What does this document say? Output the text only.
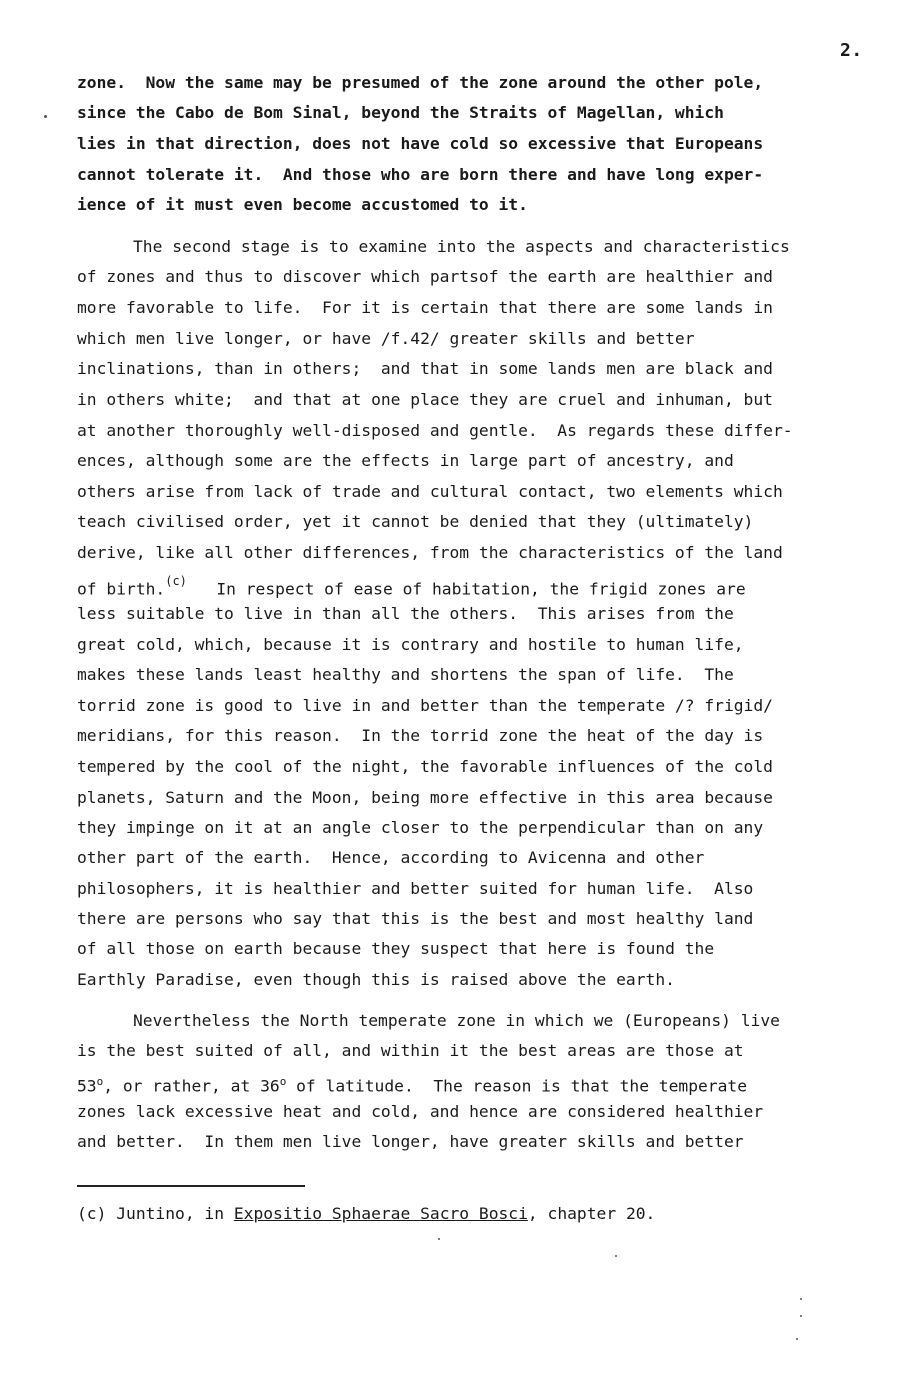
2.
zone.  Now the same may be presumed of the zone around the other pole,
since the Cabo de Bom Sinal, beyond the Straits of Magellan, which
lies in that direction, does not have cold so excessive that Europeans
cannot tolerate it.  And those who are born there and have long exper-
ience of it must even become accustomed to it.
The second stage is to examine into the aspects and characteristics
of zones and thus to discover which partsof the earth are healthier and
more favorable to life.  For it is certain that there are some lands in
which men live longer, or have /f.42/ greater skills and better
inclinations, than in others;  and that in some lands men are black and
in others white;  and that at one place they are cruel and inhuman, but
at another thoroughly well-disposed and gentle.  As regards these differ-
ences, although some are the effects in large part of ancestry, and
others arise from lack of trade and cultural contact, two elements which
teach civilised order, yet it cannot be denied that they (ultimately)
derive, like all other differences, from the characteristics of the land
of birth.$^{(c)}$ In respect of ease of habitation, the frigid zones are
less suitable to live in than all the others.  This arises from the
great cold, which, because it is contrary and hostile to human life,
makes these lands least healthy and shortens the span of life.  The
torrid zone is good to live in and better than the temperate /? frigid/
meridians, for this reason.  In the torrid zone the heat of the day is
tempered by the cool of the night, the favorable influences of the cold
planets, Saturn and the Moon, being more effective in this area because
they impinge on it at an angle closer to the perpendicular than on any
other part of the earth.  Hence, according to Avicenna and other
philosophers, it is healthier and better suited for human life.  Also
there are persons who say that this is the best and most healthy land
of all those on earth because they suspect that here is found the
Earthly Paradise, even though this is raised above the earth.
Nevertheless the North temperate zone in which we (Europeans) live
is the best suited of all, and within it the best areas are those at
53$^o$, or rather, at 36$^o$ of latitude.  The reason is that the temperate
zones lack excessive heat and cold, and hence are considered healthier
and better.  In them men live longer, have greater skills and better
(c) Juntino, in Expositio Sphaerae Sacro Bosci, chapter 20.
